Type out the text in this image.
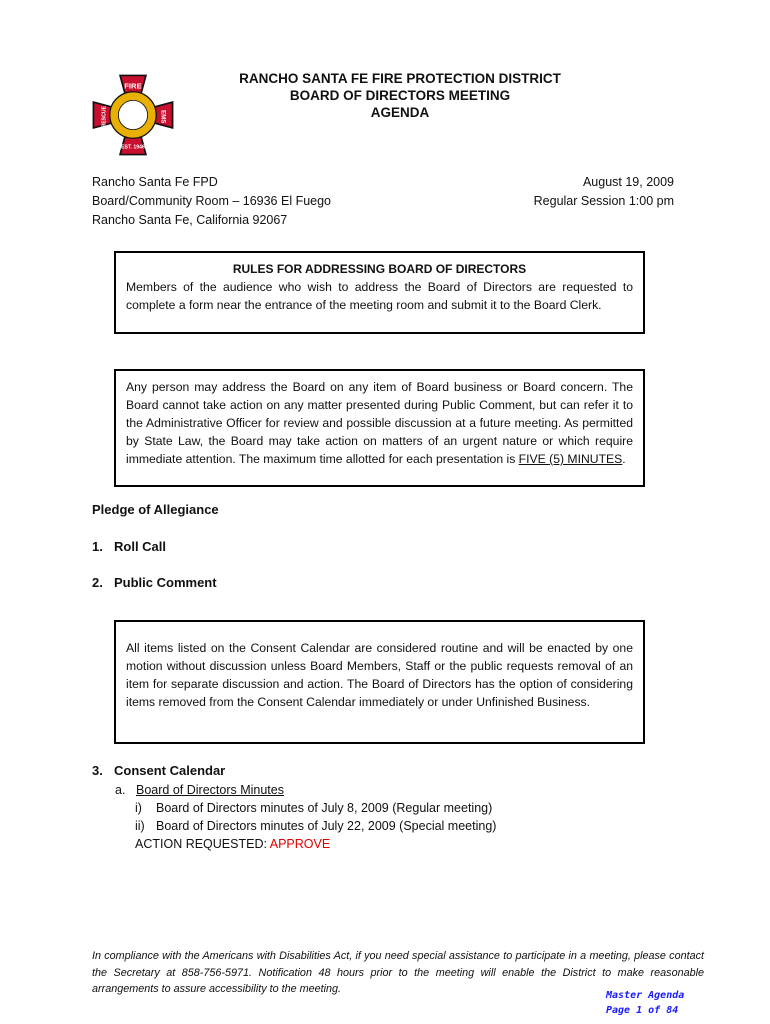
FIRE
RESCUE	EMS
EST. 1946
RANCHO SANTA FE FIRE PROTECTION DISTRICT
BOARD OF DIRECTORS MEETING
AGENDA
Rancho Santa Fe FPD
Board/Community Room – 16936 El Fuego
Rancho Santa Fe, California 92067
August 19, 2009
Regular Session 1:00 pm
RULES FOR ADDRESSING BOARD OF DIRECTORS
Members of the audience who wish to address the Board of Directors are requested to complete a form near the entrance of the meeting room and submit it to the Board Clerk.
Any person may address the Board on any item of Board business or Board concern. The Board cannot take action on any matter presented during Public Comment, but can refer it to the Administrative Officer for review and possible discussion at a future meeting. As permitted by State Law, the Board may take action on matters of an urgent nature or which require immediate attention. The maximum time allotted for each presentation is FIVE (5) MINUTES.
Pledge of Allegiance
1. Roll Call
2. Public Comment
All items listed on the Consent Calendar are considered routine and will be enacted by one motion without discussion unless Board Members, Staff or the public requests removal of an item for separate discussion and action. The Board of Directors has the option of considering items removed from the Consent Calendar immediately or under Unfinished Business.
3. Consent Calendar
a. Board of Directors Minutes
i) Board of Directors minutes of July 8, 2009 (Regular meeting)
ii) Board of Directors minutes of July 22, 2009 (Special meeting)
ACTION REQUESTED: APPROVE
In compliance with the Americans with Disabilities Act, if you need special assistance to participate in a meeting, please contact the Secretary at 858-756-5971. Notification 48 hours prior to the meeting will enable the District to make reasonable arrangements to assure accessibility to the meeting.
Master Agenda
Page 1 of 84
